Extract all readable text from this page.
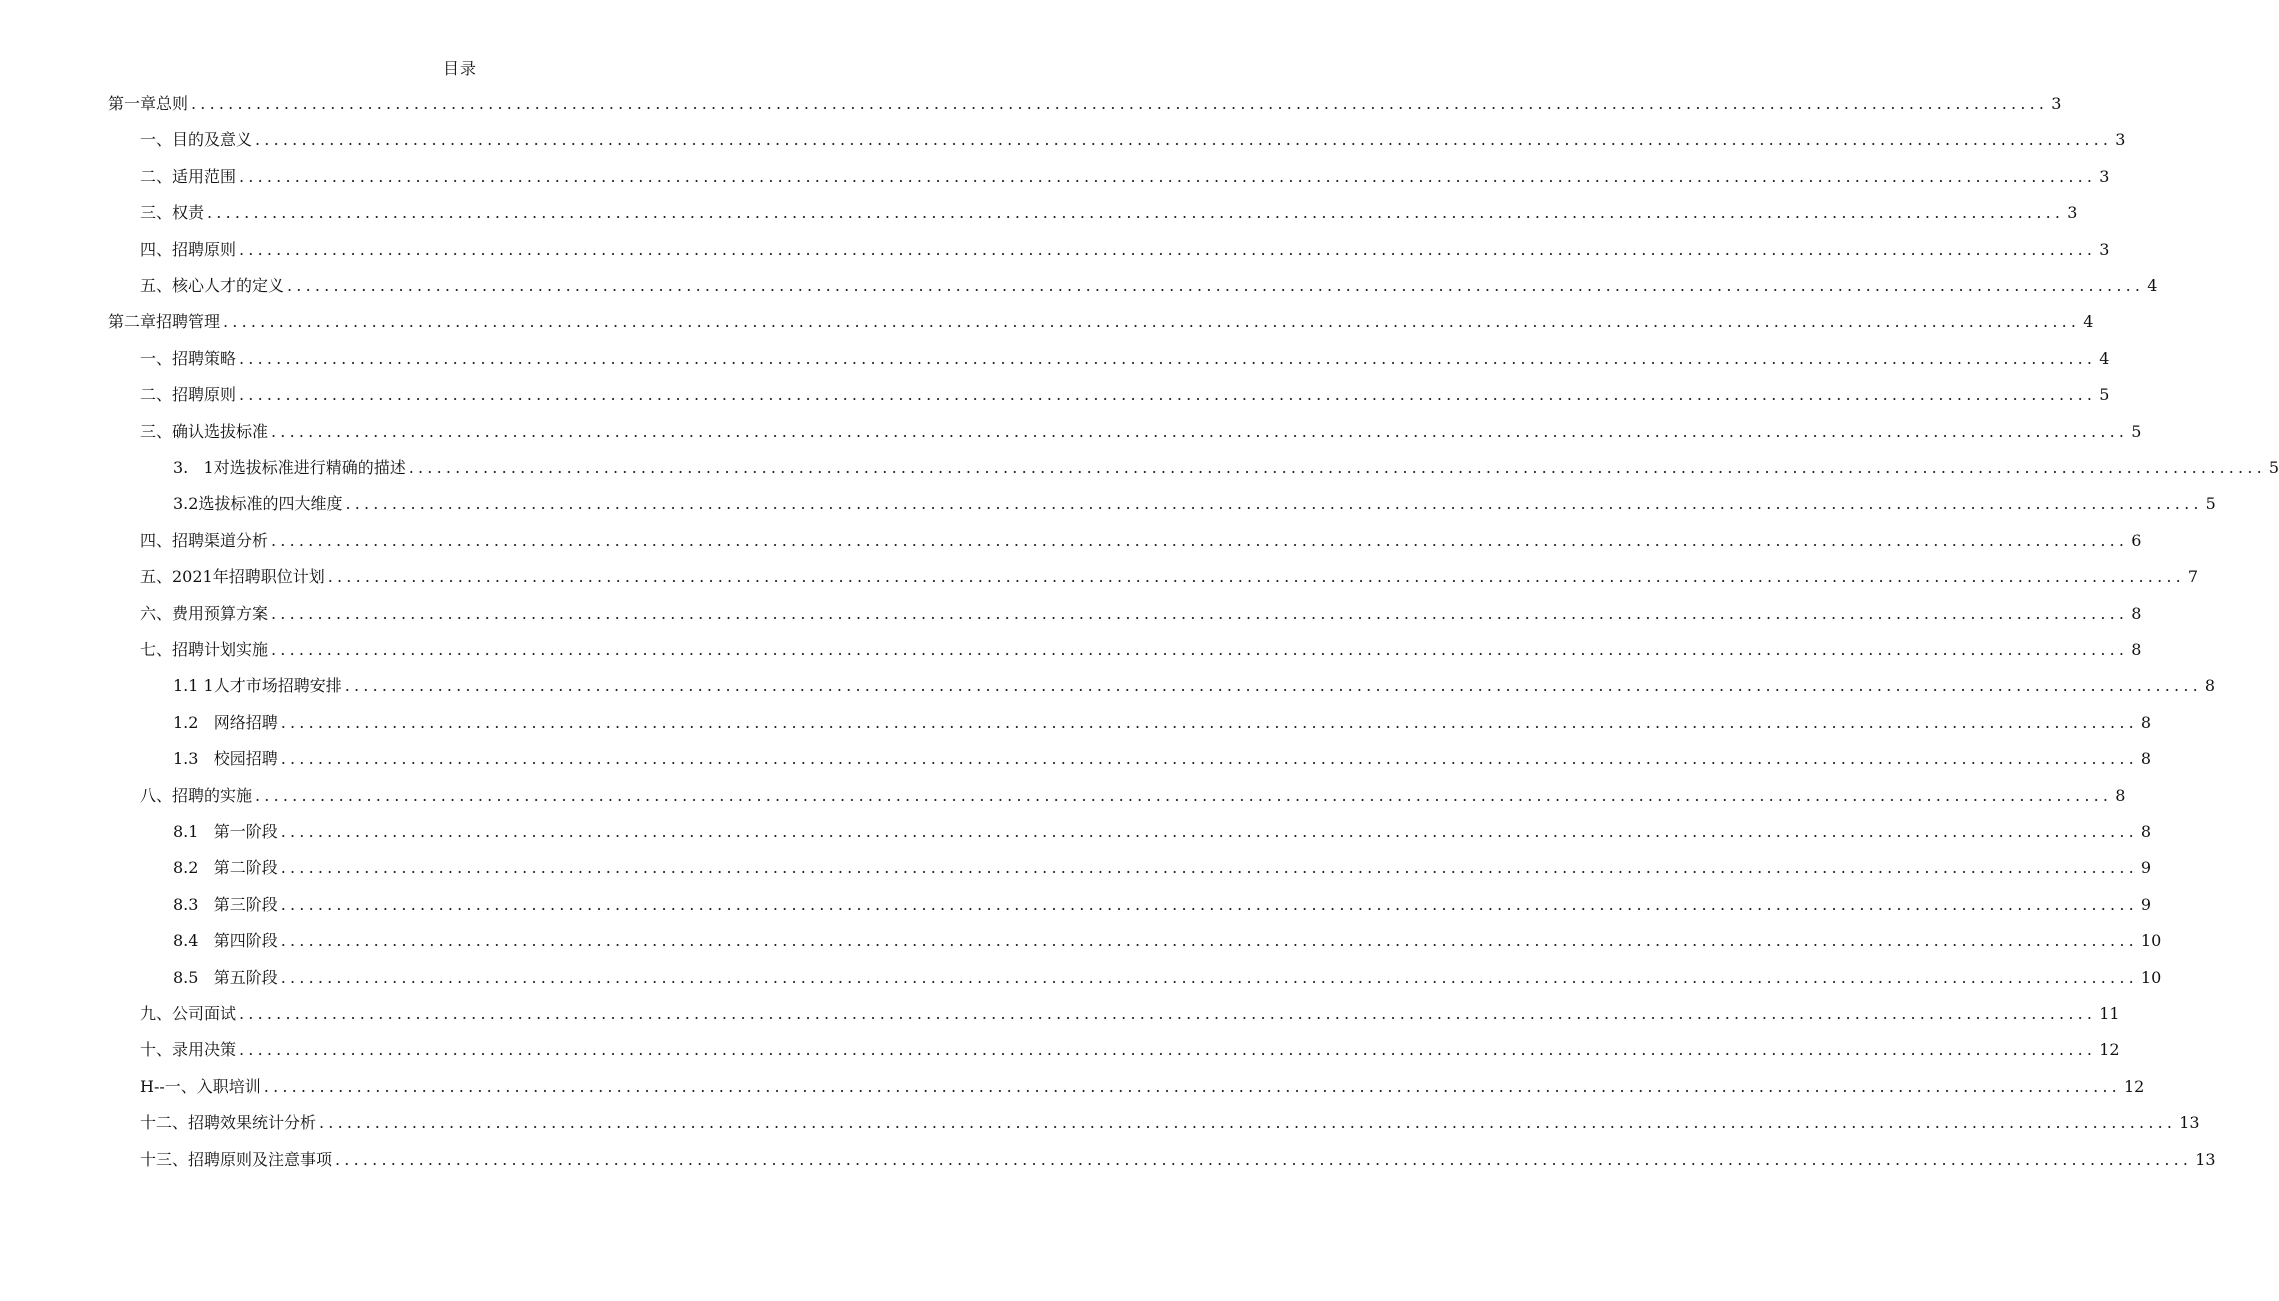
目录
第一章总则 ........................................................................................................................................................................................................ 3
一、目的及意义 ........................................................................................................................................................................................................ 3
二、适用范围 ........................................................................................................................................................................................................ 3
三、权责 ........................................................................................................................................................................................................ 3
四、招聘原则 ........................................................................................................................................................................................................ 3
五、核心人才的定义 ........................................................................................................................................................................................................ 4
第二章招聘管理 ........................................................................................................................................................................................................ 4
一、招聘策略 ........................................................................................................................................................................................................ 4
二、招聘原则 ........................................................................................................................................................................................................ 5
三、确认选拔标准 ........................................................................................................................................................................................................ 5
3.   1对选拔标准进行精确的描述 ........................................................................................................................................................................................................ 5
3.2选拔标准的四大维度 ........................................................................................................................................................................................................ 5
四、招聘渠道分析 ........................................................................................................................................................................................................ 6
五、2021年招聘职位计划 ........................................................................................................................................................................................................ 7
六、费用预算方案 ........................................................................................................................................................................................................ 8
七、招聘计划实施 ........................................................................................................................................................................................................ 8
1.1 1人才市场招聘安排 ........................................................................................................................................................................................................ 8
1.2   网络招聘 ........................................................................................................................................................................................................ 8
1.3   校园招聘 ........................................................................................................................................................................................................ 8
八、招聘的实施 ........................................................................................................................................................................................................ 8
8.1   第一阶段 ........................................................................................................................................................................................................ 8
8.2   第二阶段 ........................................................................................................................................................................................................ 9
8.3   第三阶段 ........................................................................................................................................................................................................ 9
8.4   第四阶段 ........................................................................................................................................................................................................ 10
8.5   第五阶段 ........................................................................................................................................................................................................ 10
九、公司面试 ........................................................................................................................................................................................................ 11
十、录用决策 ........................................................................................................................................................................................................ 12
H--一、入职培训 ........................................................................................................................................................................................................ 12
十二、招聘效果统计分析 ........................................................................................................................................................................................................ 13
十三、招聘原则及注意事项 ........................................................................................................................................................................................................ 13
